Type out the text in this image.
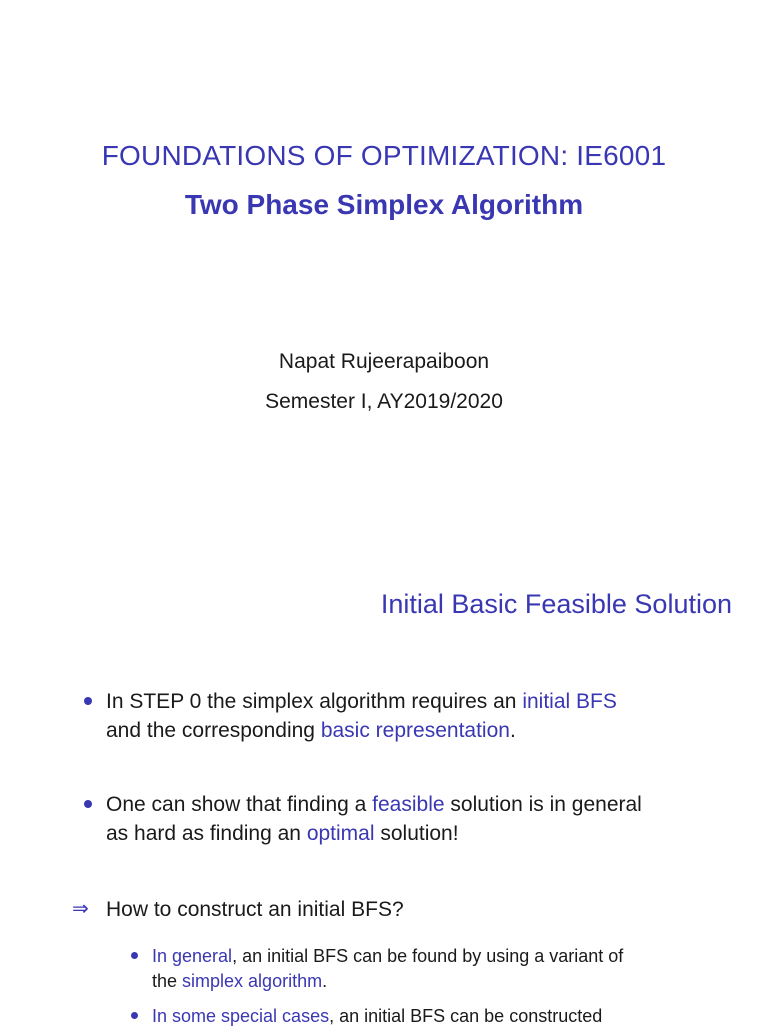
FOUNDATIONS OF OPTIMIZATION: IE6001
Two Phase Simplex Algorithm
Napat Rujeerapaiboon
Semester I, AY2019/2020
Initial Basic Feasible Solution
In STEP 0 the simplex algorithm requires an initial BFS
and the corresponding basic representation.
One can show that finding a feasible solution is in general
as hard as finding an optimal solution!
⇒ How to construct an initial BFS?
In general, an initial BFS can be found by using a variant of
the simplex algorithm.
In some special cases, an initial BFS can be constructed
